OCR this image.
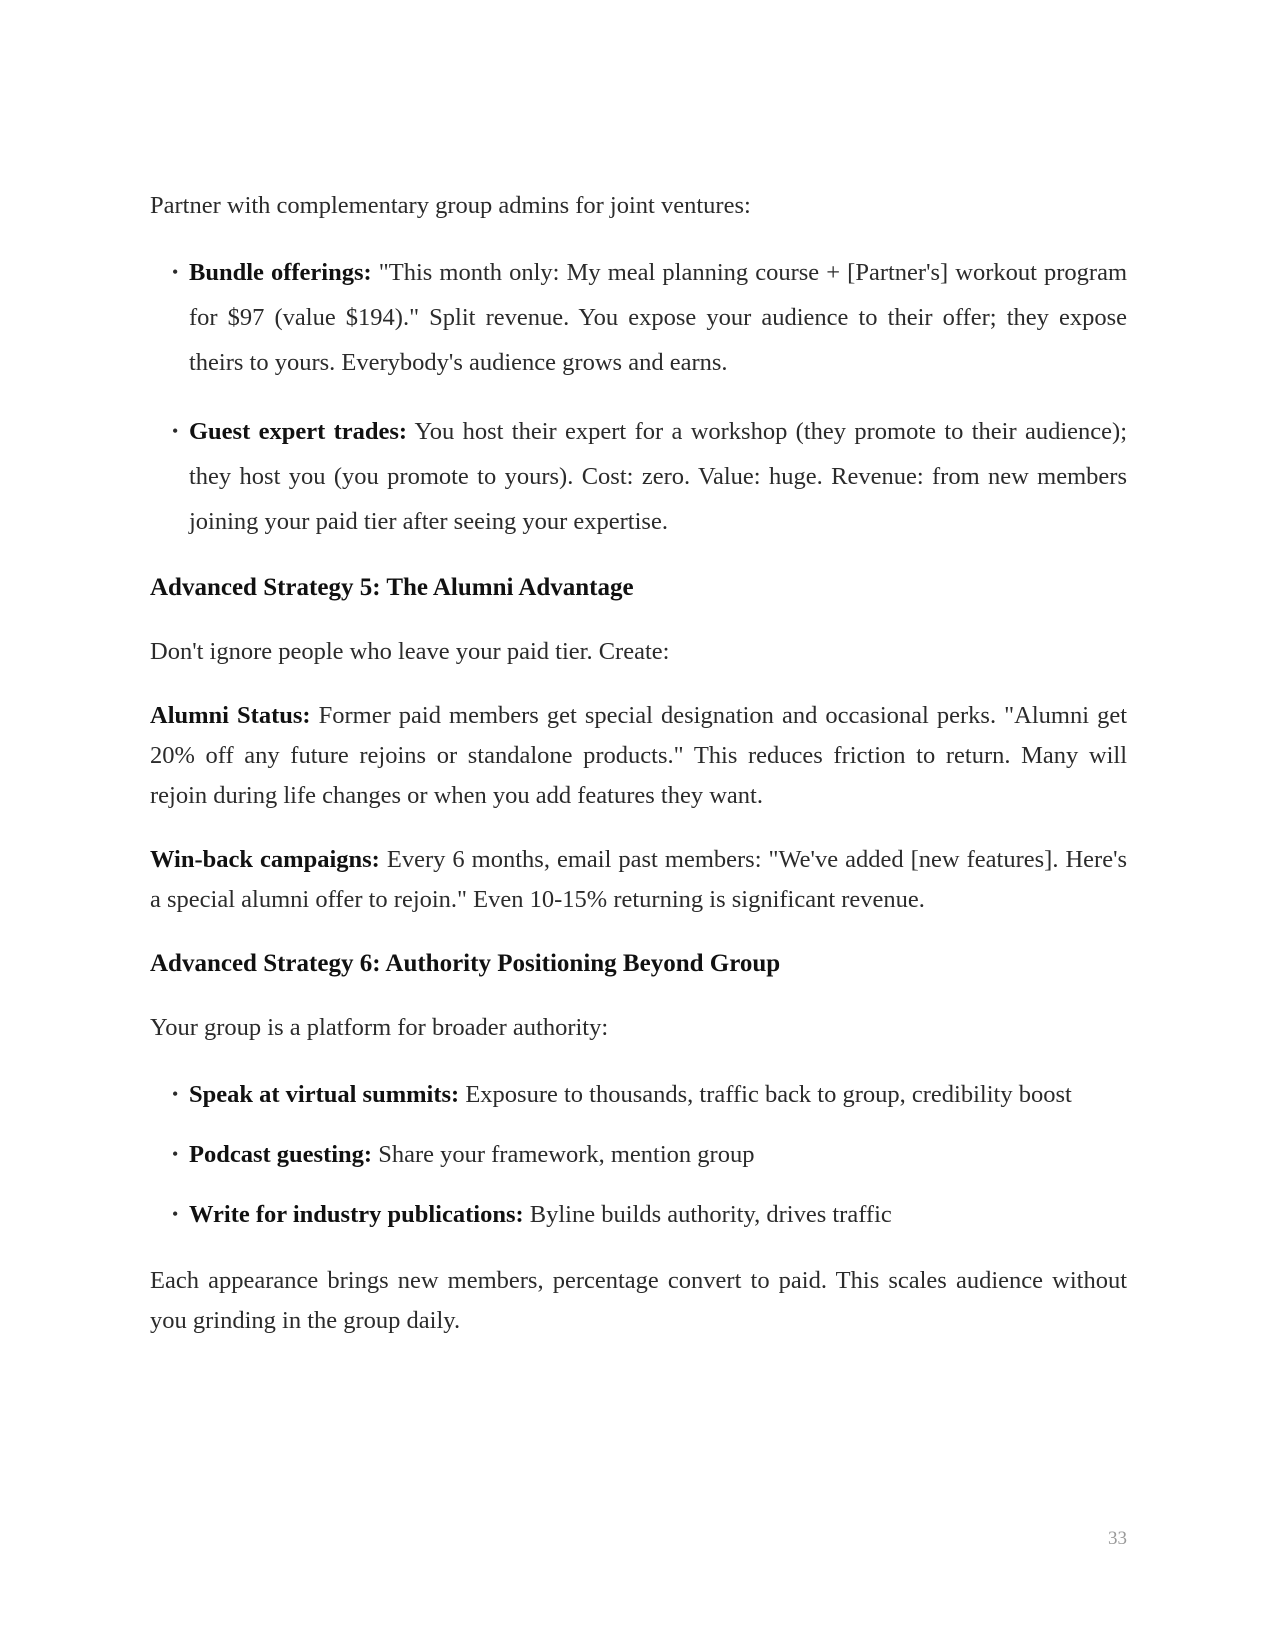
Partner with complementary group admins for joint ventures:

• Bundle offerings: "This month only: My meal planning course + [Partner's] workout program for $97 (value $194)." Split revenue. You expose your audience to their offer; they expose theirs to yours. Everybody's audience grows and earns.
• Guest expert trades: You host their expert for a workshop (they promote to their audience); they host you (you promote to yours). Cost: zero. Value: huge. Revenue: from new members joining your paid tier after seeing your expertise.
Advanced Strategy 5: The Alumni Advantage

Don't ignore people who leave your paid tier. Create:

Alumni Status: Former paid members get special designation and occasional perks. "Alumni get 20% off any future rejoins or standalone products." This reduces friction to return. Many will rejoin during life changes or when you add features they want.

Win-back campaigns: Every 6 months, email past members: "We've added [new features]. Here's a special alumni offer to rejoin." Even 10-15% returning is significant revenue.

Advanced Strategy 6: Authority Positioning Beyond Group

Your group is a platform for broader authority:

• Speak at virtual summits: Exposure to thousands, traffic back to group, credibility boost
• Podcast guesting: Share your framework, mention group
• Write for industry publications: Byline builds authority, drives traffic

Each appearance brings new members, percentage convert to paid. This scales audience without you grinding in the group daily.

33
